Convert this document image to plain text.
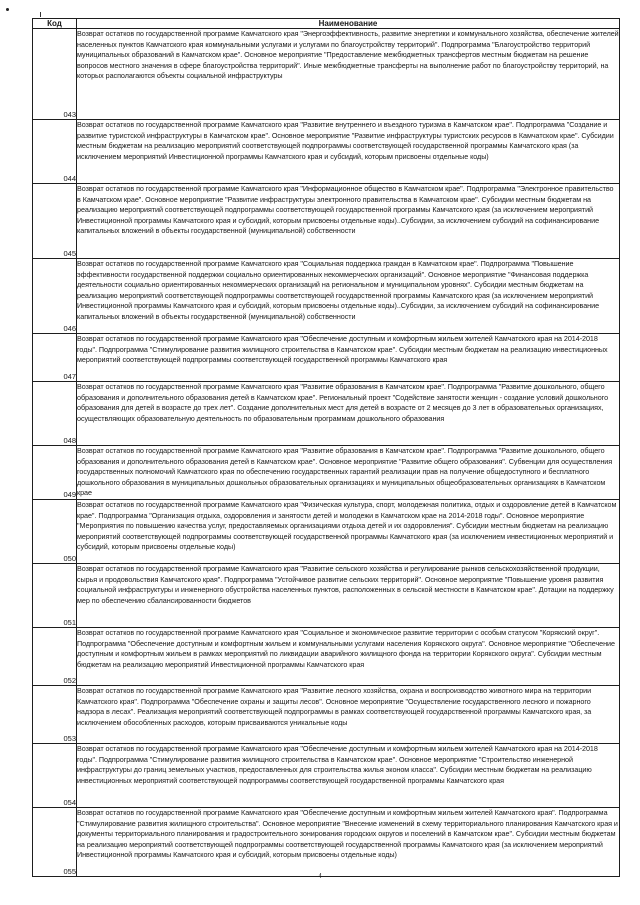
Код	Наименование
043	Возврат остатков по государственной программе Камчатского края "Энергоэффективность, развитие энергетики и коммунального хозяйства, обеспечение жителей населенных пунктов Камчатского края коммунальными услугами и услугами по благоустройству территорий". Подпрограмма "Благоустройство территорий муниципальных образований в Камчатском крае". Основное мероприятие "Предоставление межбюджетных трансфертов местным бюджетам на решение вопросов местного значения в сфере благоустройства территорий". Иные межбюджетные трансферты на выполнение работ по благоустройству территорий, на которых располагаются объекты социальной инфраструктуры
044	Возврат остатков по государственной программе Камчатского края "Развитие внутреннего и въездного туризма в Камчатском крае". Подпрограмма "Создание и развитие туристской инфраструктуры в Камчатском крае". Основное мероприятие "Развитие инфраструктуры туристских ресурсов в Камчатском крае". Субсидии местным бюджетам на реализацию мероприятий соответствующей подпрограммы соответствующей государственной программы Камчатского края (за исключением мероприятий Инвестиционной программы Камчатского края и субсидий, которым присвоены отдельные коды)
045	Возврат остатков по государственной программе Камчатского края "Информационное общество в Камчатском крае". Подпрограмма "Электронное правительство в Камчатском крае". Основное мероприятие "Развитие инфраструктуры электронного правительства в Камчатском крае". Субсидии местным бюджетам на реализацию мероприятий соответствующей подпрограммы соответствующей государственной программы Камчатского края (за исключением мероприятий Инвестиционной программы Камчатского края и субсидий, которым присвоены отдельные коды)..Субсидии, за исключением субсидий на софинансирование капитальных вложений в объекты государственной (муниципальной) собственности
046	Возврат остатков по государственной программе Камчатского края "Социальная поддержка граждан в Камчатском крае". Подпрограмма "Повышение эффективности государственной поддержки социально ориентированных некоммерческих организаций". Основное мероприятие "Финансовая поддержка деятельности социально ориентированных некоммерческих организаций на региональном и муниципальном уровнях". Субсидии местным бюджетам на реализацию мероприятий соответствующей подпрограммы соответствующей государственной программы Камчатского края (за исключением мероприятий Инвестиционной программы Камчатского края и субсидий, которым присвоены отдельные коды)..Субсидии, за исключением субсидий на софинансирование капитальных вложений в объекты государственной (муниципальной) собственности
047	Возврат остатков по государственной программе Камчатского края "Обеспечение доступным и комфортным жильем жителей Камчатского края на 2014-2018 годы". Подпрограмма "Стимулирование развития жилищного строительства в Камчатском крае". Субсидии местным бюджетам на реализацию инвестиционных мероприятий соответствующей подпрограммы соответствующей государственной программы Камчатского края
048	Возврат остатков по государственной программе Камчатского края "Развитие образования в Камчатском крае". Подпрограмма "Развитие дошкольного, общего образования и дополнительного образования детей в Камчатском крае". Региональный проект "Содействие занятости женщин - создание условий дошкольного образования для детей в возрасте до трех лет". Создание дополнительных мест для детей в возрасте от 2 месяцев до 3 лет в образовательных организациях, осуществляющих образовательную деятельность по образовательным программам дошкольного образования
049	Возврат остатков по государственной программе Камчатского края "Развитие образования в Камчатском крае". Подпрограмма "Развитие дошкольного, общего образования и дополнительного образования детей в Камчатском крае". Основное мероприятие "Развитие общего образования". Субвенции для осуществления государственных полномочий Камчатского края по обеспечению государственных гарантий реализации прав на получение общедоступного и бесплатного дошкольного образования в муниципальных дошкольных образовательных организациях и муниципальных общеобразовательных организациях в Камчатском крае
050	Возврат остатков по государственной программе Камчатского края "Физическая культура, спорт, молодежная политика, отдых и оздоровление детей в Камчатском крае". Подпрограмма "Организация отдыха, оздоровления и занятости детей и молодежи в Камчатском крае на 2014-2018 годы". Основное мероприятие "Мероприятия по повышению качества услуг, предоставляемых организациями отдыха детей и их оздоровления". Субсидии местным бюджетам на реализацию мероприятий соответствующей подпрограммы соответствующей государственной программы Камчатского края (за исключением инвестиционных мероприятий и субсидий, которым присвоены отдельные коды)
051	Возврат остатков по государственной программе Камчатского края "Развитие сельского хозяйства и регулирование рынков сельскохозяйственной продукции, сырья и продовольствия Камчатского края". Подпрограмма "Устойчивое развитие сельских территорий". Основное мероприятие "Повышение уровня развития социальной инфраструктуры и инженерного обустройства населенных пунктов, расположенных в сельской местности в Камчатском крае". Дотации на поддержку мер по обеспечению сбалансированности бюджетов
052	Возврат остатков по государственной программе Камчатского края "Социальное и экономическое развитие территории с особым статусом "Корякский округ". Подпрограмма "Обеспечение доступным и комфортным жильем и коммунальными услугами населения Корякского округа". Основное мероприятие "Обеспечение доступным и комфортным жильем в рамках мероприятий по ликвидации аварийного жилищного фонда на территории Корякского округа". Субсидии местным бюджетам на реализацию мероприятий Инвестиционной программы Камчатского края
053	Возврат остатков по государственной программе Камчатского края "Развитие лесного хозяйства, охрана и воспроизводство животного мира на территории Камчатского края". Подпрограмма "Обеспечение охраны и защиты лесов". Основное мероприятие "Осуществление государственного лесного и пожарного надзора в лесах". Реализация мероприятий соответствующей подпрограммы в рамках соответствующей государственной программы Камчатского края, за исключением обособленных расходов, которым присваиваются уникальные коды
054	Возврат остатков по государственной программе Камчатского края "Обеспечение доступным и комфортным жильем жителей Камчатского края на 2014-2018 годы". Подпрограмма "Стимулирование развития жилищного строительства в Камчатском крае". Основное мероприятие "Строительство инженерной инфраструктуры до границ земельных участков, предоставленных для строительства жилья эконом класса". Субсидии местным бюджетам на реализацию инвестиционных мероприятий соответствующей подпрограммы соответствующей государственной программы Камчатского края
055	Возврат остатков по государственной программе Камчатского края "Обеспечение доступным и комфортным жильем жителей Камчатского края". Подпрограмма "Стимулирование развития жилищного строительства". Основное мероприятие "Внесение изменений в схему территориального планирования Камчатского края и документы территориального планирования и градостроительного зонирования городских округов и поселений в Камчатском крае". Субсидии местным бюджетам на реализацию мероприятий соответствующей подпрограммы соответствующей государственной программы Камчатского края (за исключением мероприятий Инвестиционной программы Камчатского края и субсидий, которым присвоены отдельные коды)
4
